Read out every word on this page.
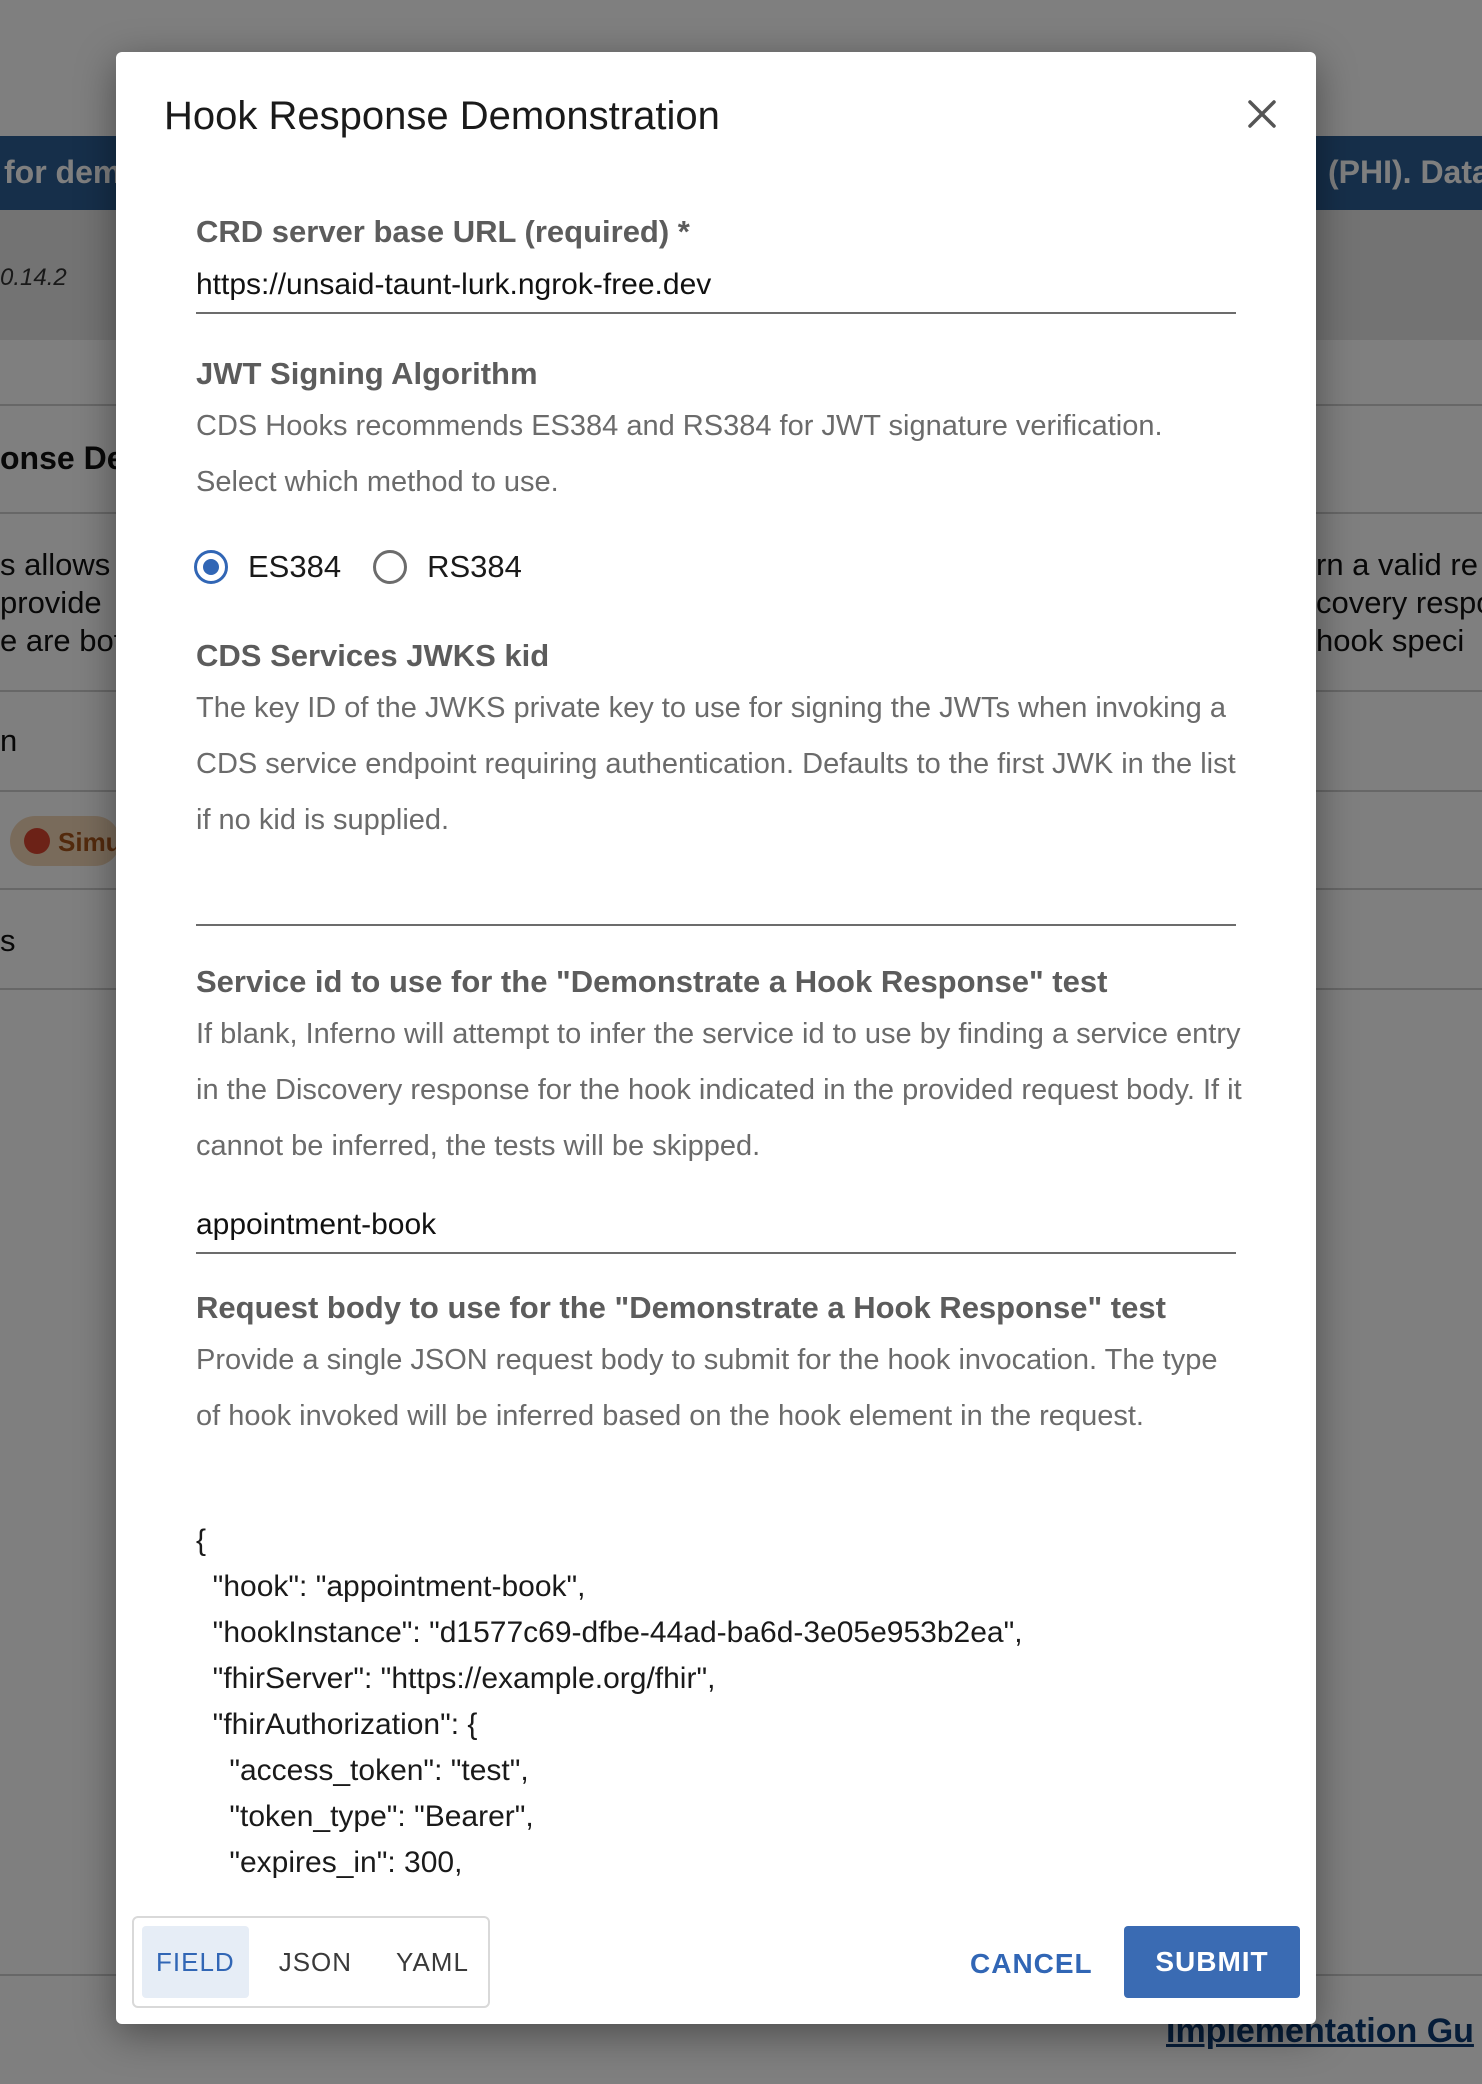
Hook Response Demonstration
CRD server base URL (required) *
https://unsaid-taunt-lurk.ngrok-free.dev
JWT Signing Algorithm
CDS Hooks recommends ES384 and RS384 for JWT signature verification. Select which method to use.
ES384	RS384
CDS Services JWKS kid
The key ID of the JWKS private key to use for signing the JWTs when invoking a CDS service endpoint requiring authentication. Defaults to the first JWK in the list if no kid is supplied.
Service id to use for the "Demonstrate a Hook Response" test
If blank, Inferno will attempt to infer the service id to use by finding a service entry in the Discovery response for the hook indicated in the provided request body. If it cannot be inferred, the tests will be skipped.
appointment-book
Request body to use for the "Demonstrate a Hook Response" test
Provide a single JSON request body to submit for the hook invocation. The type of hook invoked will be inferred based on the hook element in the request.
{
"hook": "appointment-book",
"hookInstance": "d1577c69-dfbe-44ad-ba6d-3e05e953b2ea",
"fhirServer": "https://example.org/fhir",
"fhirAuthorization": {
"access_token": "test",
"token_type": "Bearer",
"expires_in": 300,
FIELD	JSON	YAML	CANCEL	SUBMIT
